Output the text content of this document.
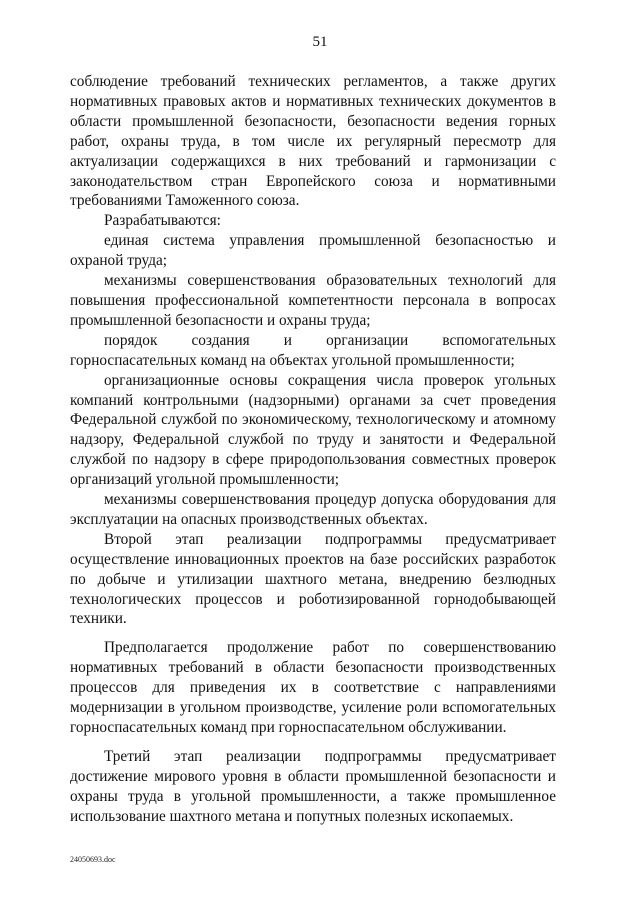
51

соблюдение требований технических регламентов, а также других нормативных правовых актов и нормативных технических документов в области промышленной безопасности, безопасности ведения горных работ, охраны труда, в том числе их регулярный пересмотр для актуализации содержащихся в них требований и гармонизации с законодательством стран Европейского союза и нормативными требованиями Таможенного союза.

Разрабатываются:

единая система управления промышленной безопасностью и охраной труда;

механизмы совершенствования образовательных технологий для повышения профессиональной компетентности персонала в вопросах промышленной безопасности и охраны труда;

порядок создания и организации вспомогательных горноспасательных команд на объектах угольной промышленности;

организационные основы сокращения числа проверок угольных компаний контрольными (надзорными) органами за счет проведения Федеральной службой по экономическому, технологическому и атомному надзору, Федеральной службой по труду и занятости и Федеральной службой по надзору в сфере природопользования совместных проверок организаций угольной промышленности;

механизмы совершенствования процедур допуска оборудования для эксплуатации на опасных производственных объектах.

Второй этап реализации подпрограммы предусматривает осуществление инновационных проектов на базе российских разработок по добыче и утилизации шахтного метана, внедрению безлюдных технологических процессов и роботизированной горнодобывающей техники.

Предполагается продолжение работ по совершенствованию нормативных требований в области безопасности производственных процессов для приведения их в соответствие с направлениями модернизации в угольном производстве, усиление роли вспомогательных горноспасательных команд при горноспасательном обслуживании.

Третий этап реализации подпрограммы предусматривает достижение мирового уровня в области промышленной безопасности и охраны труда в угольной промышленности, а также промышленное использование шахтного метана и попутных полезных ископаемых.

24050693.doc
